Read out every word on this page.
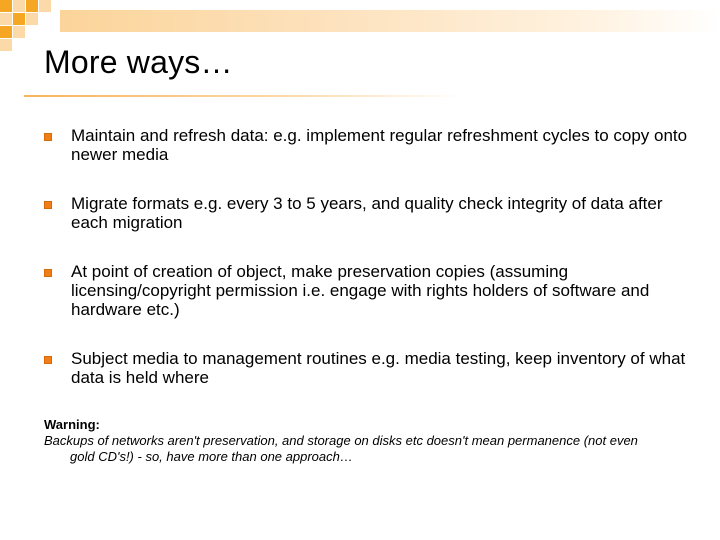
More ways…
Maintain and refresh data: e.g. implement regular refreshment cycles to copy onto newer media
Migrate formats e.g. every 3 to 5 years, and quality check integrity of data after each migration
At point of creation of object, make preservation copies (assuming licensing/copyright permission i.e. engage with rights holders of software and hardware etc.)
Subject media to management routines e.g. media testing, keep inventory of what data is held where
Warning:
Backups of networks aren't preservation, and storage on disks etc doesn't mean permanence (not even gold CD's!) - so, have more than one approach…
